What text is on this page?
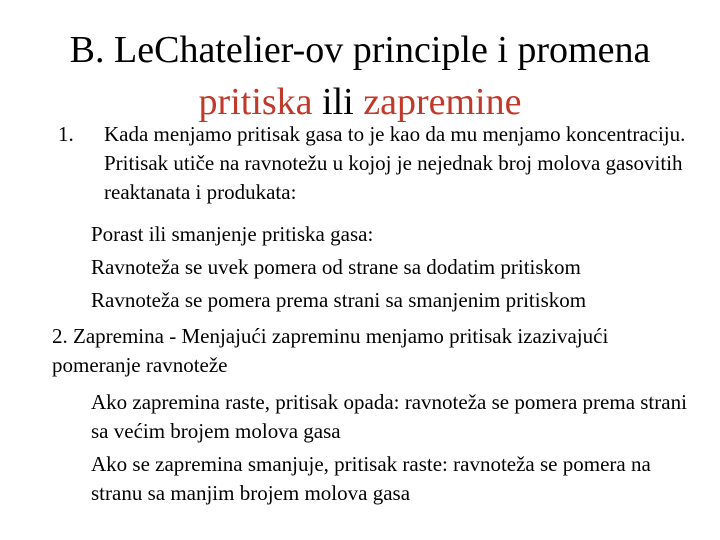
B. LeChatelier-ov principle i promena
pritiska ili zapremine
1. Kada menjamo pritisak gasa to je kao da mu menjamo koncentraciju. Pritisak utiče na ravnotežu u kojoj je nejednak broj molova gasovitih reaktanata i produkata:
Porast ili smanjenje pritiska gasa:
Ravnoteža se uvek pomera od strane sa dodatim pritiskom
Ravnoteža se pomera prema strani sa smanjenim pritiskom
2. Zapremina - Menjajući zapreminu menjamo pritisak izazivajući pomeranje ravnoteže
Ako zapremina raste, pritisak opada: ravnoteža se pomera prema strani sa većim brojem molova gasa
Ako se zapremina smanjuje, pritisak raste: ravnoteža se pomera na stranu sa manjim brojem molova gasa
